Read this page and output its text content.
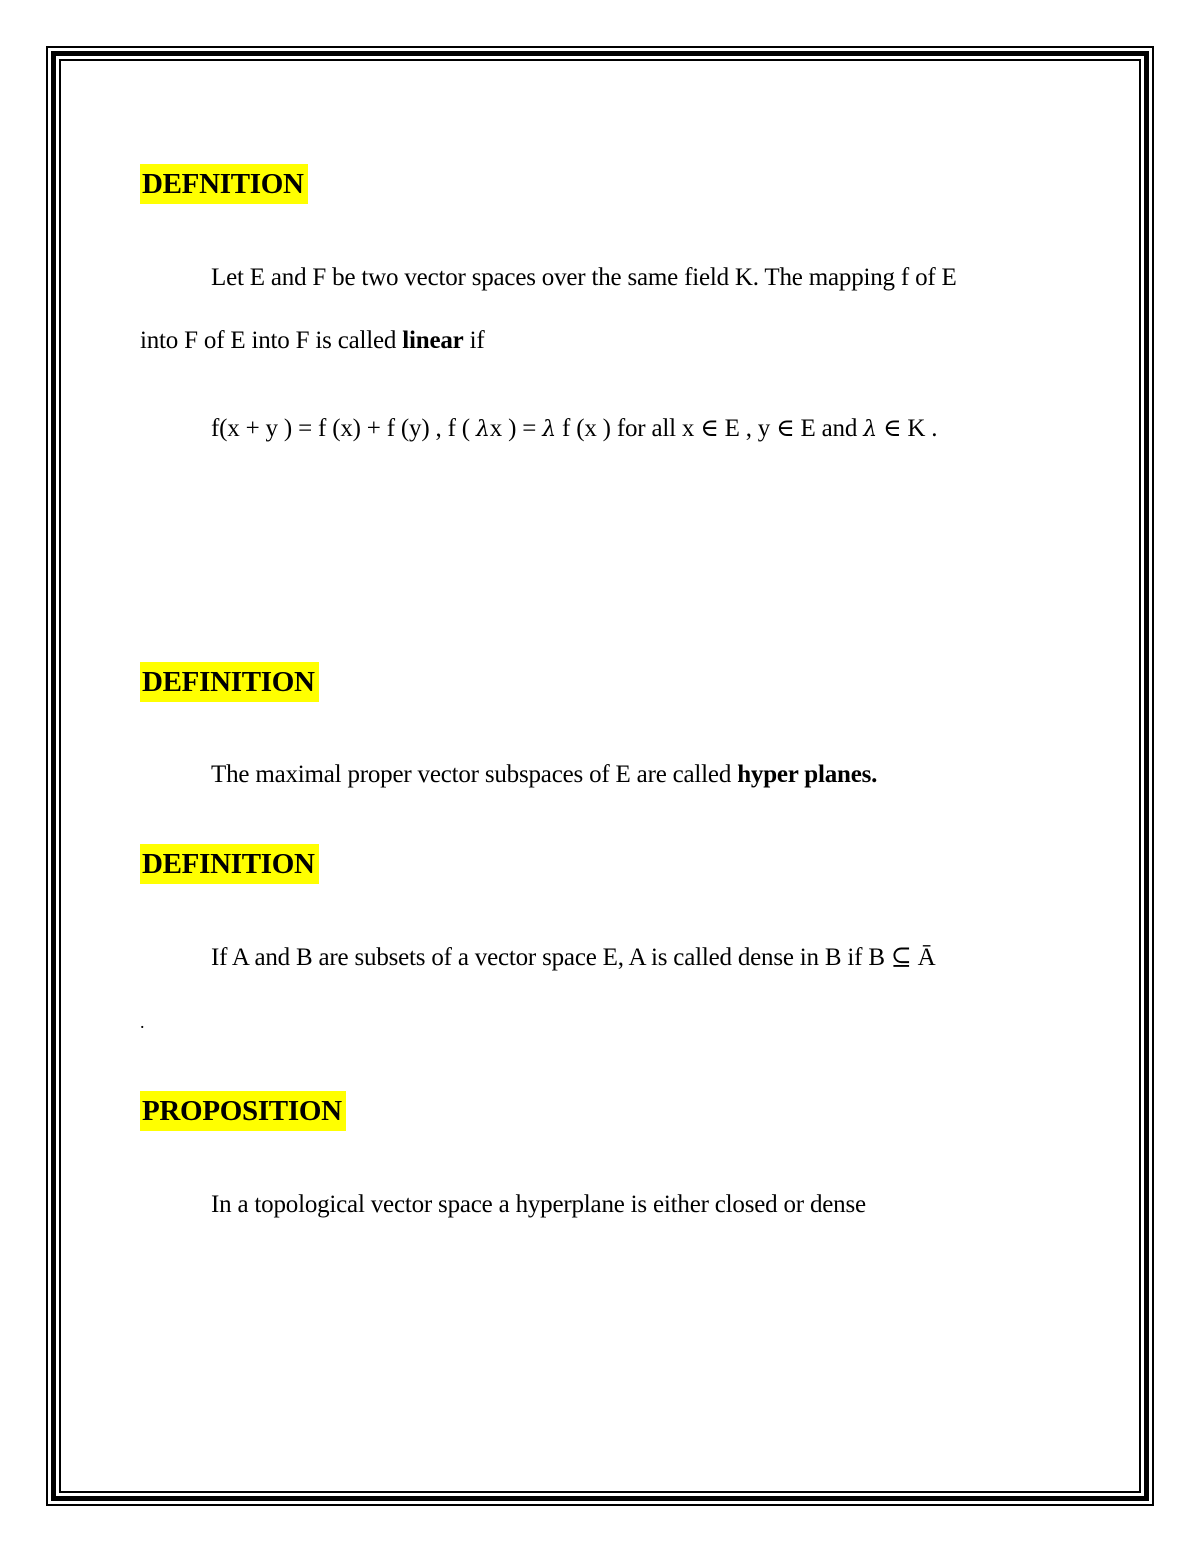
DEFNITION
Let E and F be two vector spaces over the same field K. The mapping f of E
into F of E into F is called linear if
f(x + y ) = f (x) + f (y) , f ( λx ) = λ f (x ) for all x ∈ E , y ∈ E and λ ∈ K .
DEFINITION
The maximal proper vector subspaces of E are called hyper planes.
DEFINITION
If A and B are subsets of a vector space E, A is called dense in B if B ⊆ Ā
.
PROPOSITION
In a topological vector space a hyperplane is either closed or dense
